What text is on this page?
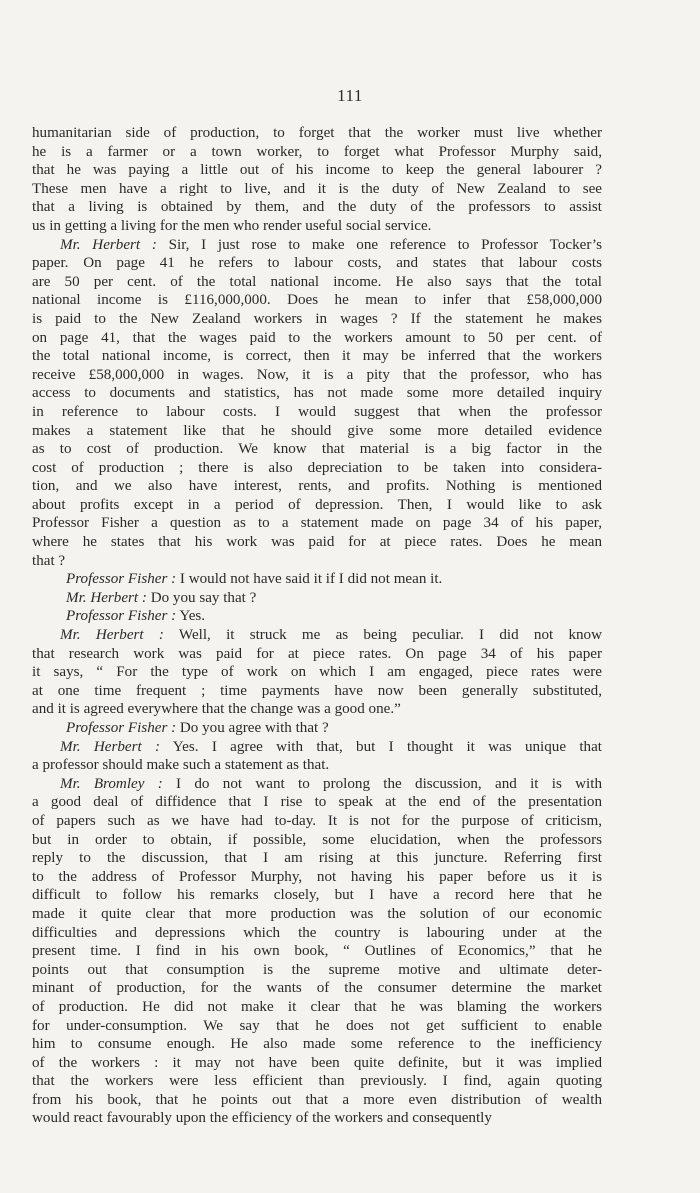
111
humanitarian side of production, to forget that the worker must live whether
he is a farmer or a town worker, to forget what Professor Murphy said,
that he was paying a little out of his income to keep the general labourer ?
These men have a right to live, and it is the duty of New Zealand to see
that a living is obtained by them, and the duty of the professors to assist
us in getting a living for the men who render useful social service.
Mr. Herbert : Sir, I just rose to make one reference to Professor Tocker’s
paper. On page 41 he refers to labour costs, and states that labour costs
are 50 per cent. of the total national income. He also says that the total
national income is £116,000,000. Does he mean to infer that £58,000,000
is paid to the New Zealand workers in wages ? If the statement he makes
on page 41, that the wages paid to the workers amount to 50 per cent. of
the total national income, is correct, then it may be inferred that the workers
receive £58,000,000 in wages. Now, it is a pity that the professor, who has
access to documents and statistics, has not made some more detailed inquiry
in reference to labour costs. I would suggest that when the professor
makes a statement like that he should give some more detailed evidence
as to cost of production. We know that material is a big factor in the
cost of production ; there is also depreciation to be taken into considera-
tion, and we also have interest, rents, and profits. Nothing is mentioned
about profits except in a period of depression. Then, I would like to ask
Professor Fisher a question as to a statement made on page 34 of his paper,
where he states that his work was paid for at piece rates. Does he mean
that ?
Professor Fisher : I would not have said it if I did not mean it.
Mr. Herbert : Do you say that ?
Professor Fisher : Yes.
Mr. Herbert : Well, it struck me as being peculiar. I did not know
that research work was paid for at piece rates. On page 34 of his paper
it says, “ For the type of work on which I am engaged, piece rates were
at one time frequent ; time payments have now been generally substituted,
and it is agreed everywhere that the change was a good one.”
Professor Fisher : Do you agree with that ?
Mr. Herbert : Yes. I agree with that, but I thought it was unique that
a professor should make such a statement as that.
Mr. Bromley : I do not want to prolong the discussion, and it is with
a good deal of diffidence that I rise to speak at the end of the presentation
of papers such as we have had to-day. It is not for the purpose of criticism,
but in order to obtain, if possible, some elucidation, when the professors
reply to the discussion, that I am rising at this juncture. Referring first
to the address of Professor Murphy, not having his paper before us it is
difficult to follow his remarks closely, but I have a record here that he
made it quite clear that more production was the solution of our economic
difficulties and depressions which the country is labouring under at the
present time. I find in his own book, “ Outlines of Economics,” that he
points out that consumption is the supreme motive and ultimate deter-
minant of production, for the wants of the consumer determine the market
of production. He did not make it clear that he was blaming the workers
for under-consumption. We say that he does not get sufficient to enable
him to consume enough. He also made some reference to the inefficiency
of the workers : it may not have been quite definite, but it was implied
that the workers were less efficient than previously. I find, again quoting
from his book, that he points out that a more even distribution of wealth
would react favourably upon the efficiency of the workers and consequently
